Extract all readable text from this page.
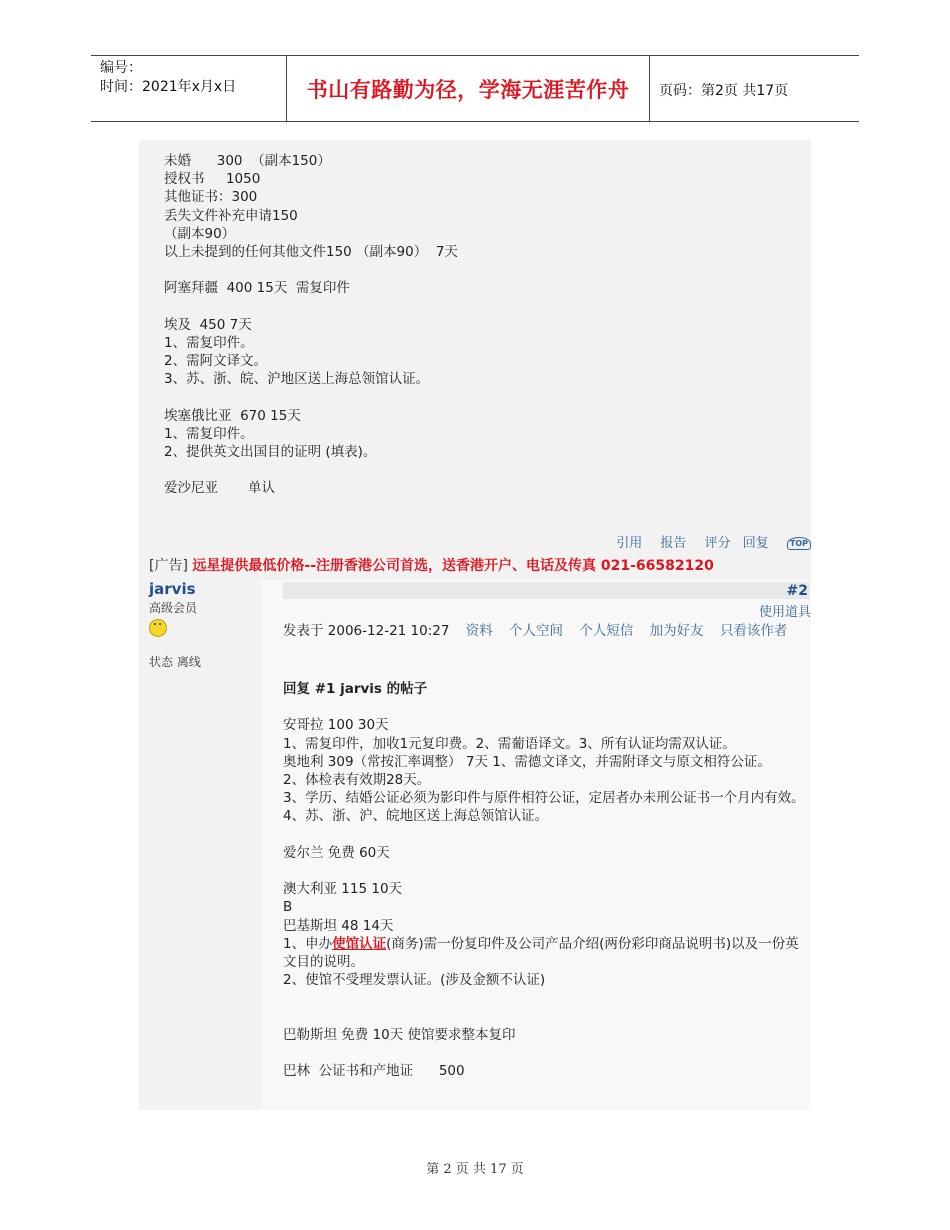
编号：
时间：2021年x月x日	书山有路勤为径，学海无涯苦作舟	页码：第2页 共17页
未婚      300  （副本150）
授权书     1050
其他证书：300
丢失文件补充申请150
（副本90）
以上未提到的任何其他文件150 （副本90）  7天
阿塞拜疆  400 15天  需复印件
埃及  450 7天
1、需复印件。
2、需阿文译文。
3、苏、浙、皖、沪地区送上海总领馆认证。
埃塞俄比亚  670 15天
1、需复印件。
2、提供英文出国目的证明 (填表)。
爱沙尼亚       单认
引用 报告 评分 回复	TOP
[广告] 远星提供最低价格--注册香港公司首选，送香港开户、电话及传真 021-66582120
jarvis
高级会员
状态 离线
#2
使用道具
发表于 2006-12-21 10:27 资料 个人空间 个人短信 加为好友 只看该作者
回复 #1 jarvis 的帖子
安哥拉 100 30天
1、需复印件，加收1元复印费。2、需葡语译文。3、所有认证均需双认证。
奥地利 309（常按汇率调整） 7天 1、需德文译文，并需附译文与原文相符公证。
2、体检表有效期28天。
3、学历、结婚公证必须为影印件与原件相符公证，定居者办未刑公证书一个月内有效。
4、苏、浙、沪、皖地区送上海总领馆认证。
爱尔兰 免费 60天
澳大利亚 115 10天
B
巴基斯坦 48 14天
1、申办使馆认证(商务)需一份复印件及公司产品介绍(两份彩印商品说明书)以及一份英文目的说明。
2、使馆不受理发票认证。(涉及金额不认证)
巴勒斯坦 免费 10天 使馆要求整本复印
巴林  公证书和产地证      500
第 2 页 共 17 页
